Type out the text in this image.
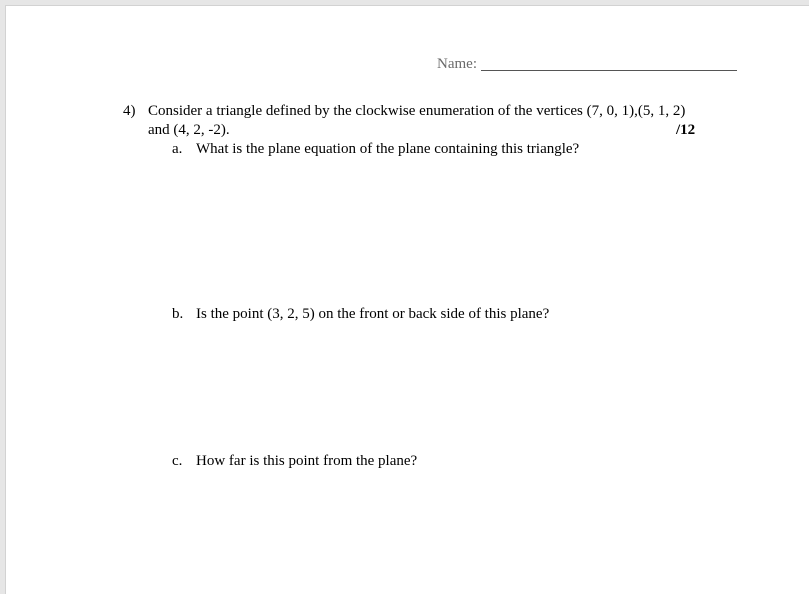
Name:
4) Consider a triangle defined by the clockwise enumeration of the vertices (7, 0, 1),(5, 1, 2)
and (4, 2, -2).	/12
a. What is the plane equation of the plane containing this triangle?
b. Is the point (3, 2, 5) on the front or back side of this plane?
c. How far is this point from the plane?
